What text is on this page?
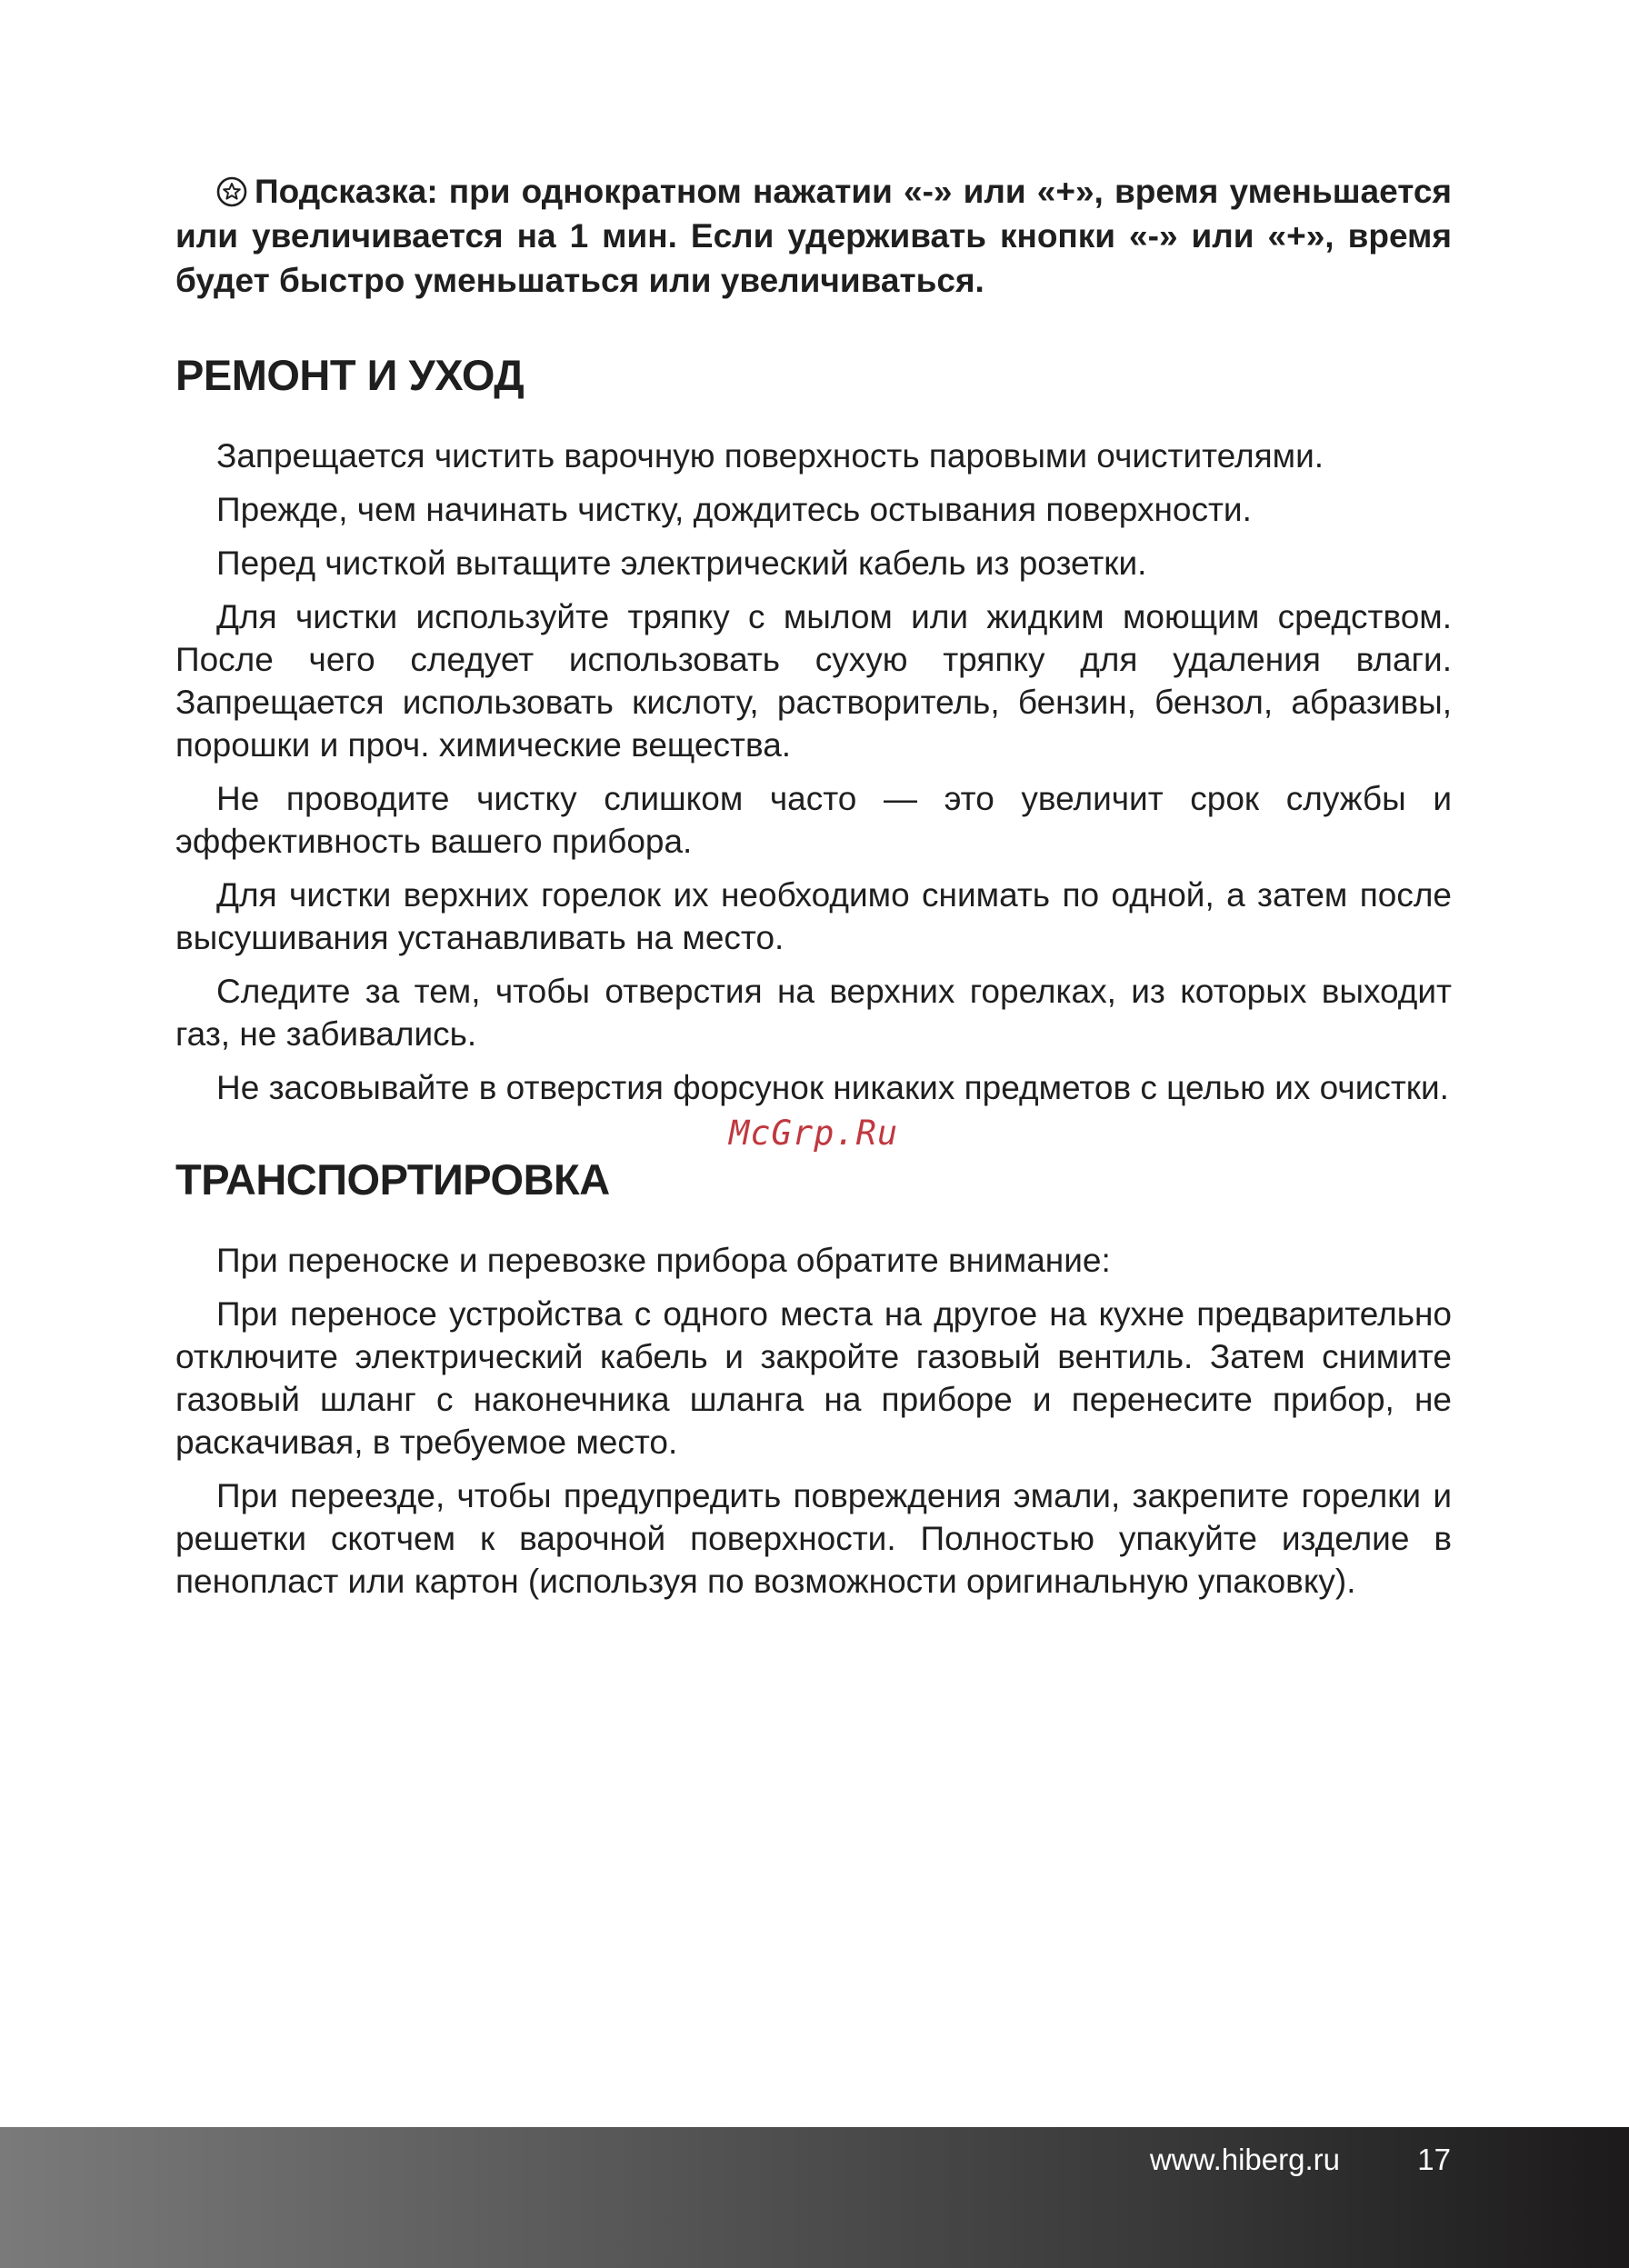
Подсказка: при однократном нажатии «-» или «+», время уменьшается или увеличивается на 1 мин. Если удерживать кнопки «-» или «+», время будет быстро уменьшаться или увеличиваться.

РЕМОНТ И УХОД

Запрещается чистить варочную поверхность паровыми очистителями.

Прежде, чем начинать чистку, дождитесь остывания поверхности.

Перед чисткой вытащите электрический кабель из розетки.

Для чистки используйте тряпку с мылом или жидким моющим средством. После чего следует использовать сухую тряпку для удаления влаги. Запрещается использовать кислоту, растворитель, бензин, бензол, абразивы, порошки и проч. химические вещества.

Не проводите чистку слишком часто — это увеличит срок службы и эффективность вашего прибора.

Для чистки верхних горелок их необходимо снимать по одной, а затем после высушивания устанавливать на место.

Следите за тем, чтобы отверстия на верхних горелках, из которых выходит газ, не забивались.

Не засовывайте в отверстия форсунок никаких предметов с целью их очистки.

ТРАНСПОРТИРОВКА

При переноске и перевозке прибора обратите внимание:

При переносе устройства с одного места на другое на кухне предварительно отключите электрический кабель и закройте газовый вентиль. Затем снимите газовый шланг с наконечника шланга на приборе и перенесите прибор, не раскачивая, в требуемое место.

При переезде, чтобы предупредить повреждения эмали, закрепите горелки и решетки скотчем к варочной поверхности. Полностью упакуйте изделие в пенопласт или картон (используя по возможности оригинальную упаковку).

McGrp.Ru
www.hiberg.ru	17
